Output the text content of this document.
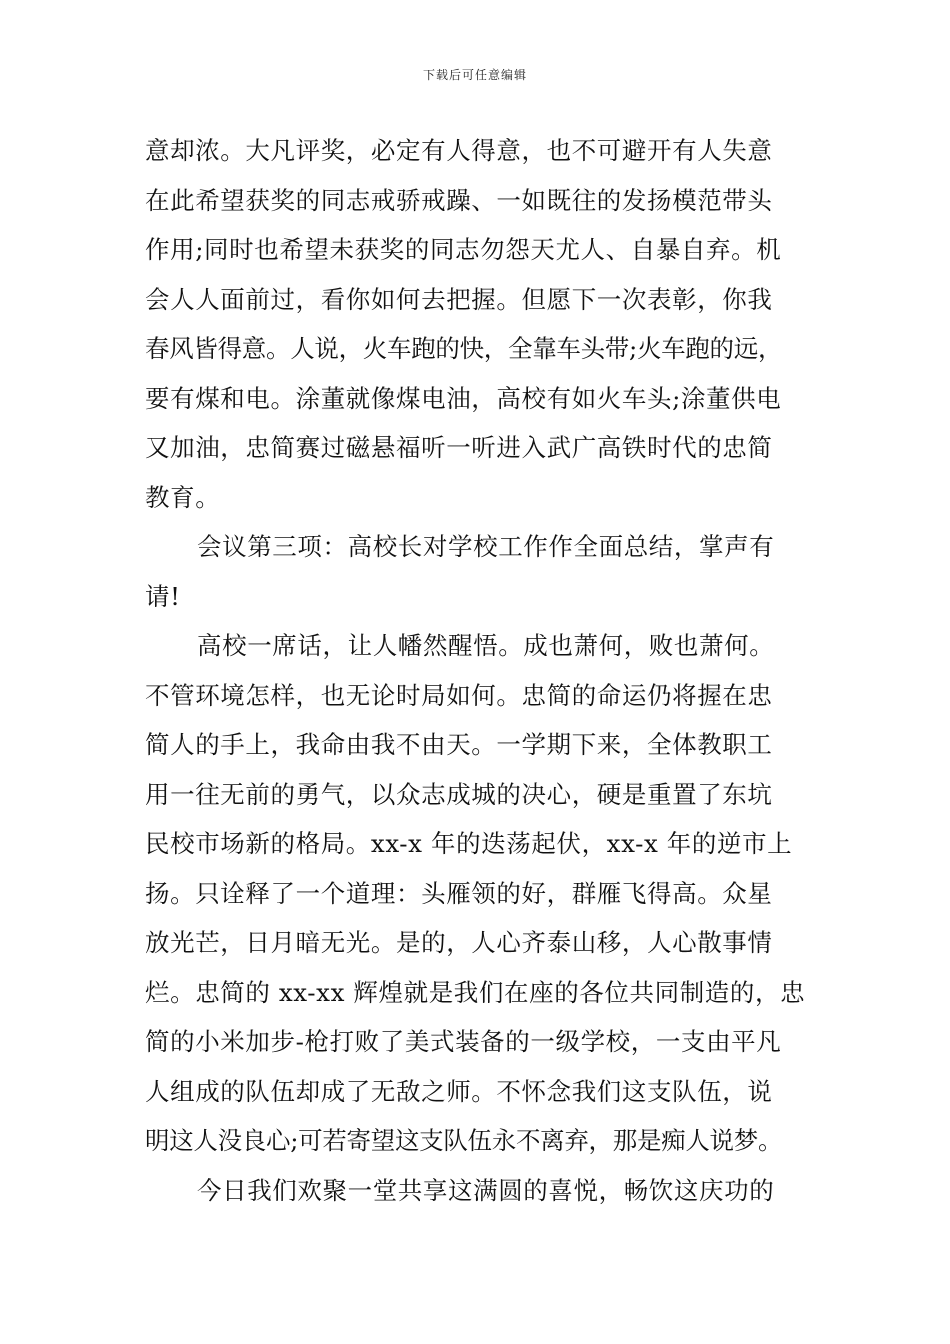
下载后可任意编辑
意却浓。大凡评奖，必定有人得意，也不可避开有人失意
在此希望获奖的同志戒骄戒躁、一如既往的发扬模范带头
作用;同时也希望未获奖的同志勿怨天尤人、自暴自弃。机
会人人面前过，看你如何去把握。但愿下一次表彰，你我
春风皆得意。人说，火车跑的快，全靠车头带;火车跑的远，
要有煤和电。涂董就像煤电油，高校有如火车头;涂董供电
又加油，忠简赛过磁悬福听一听进入武广高铁时代的忠简
教育。
会议第三项：高校长对学校工作作全面总结，掌声有
请!
高校一席话，让人幡然醒悟。成也萧何，败也萧何。
不管环境怎样，也无论时局如何。忠简的命运仍将握在忠
简人的手上，我命由我不由天。一学期下来，全体教职工
用一往无前的勇气，以众志成城的决心，硬是重置了东坑
民校市场新的格局。xx-x 年的迭荡起伏，xx-x 年的逆市上
扬。只诠释了一个道理：头雁领的好，群雁飞得高。众星
放光芒，日月暗无光。是的，人心齐泰山移，人心散事情
烂。忠简的 xx-xx 辉煌就是我们在座的各位共同制造的，忠
简的小米加步-枪打败了美式装备的一级学校，一支由平凡
人组成的队伍却成了无敌之师。不怀念我们这支队伍，说
明这人没良心;可若寄望这支队伍永不离弃，那是痴人说梦。
今日我们欢聚一堂共享这满圆的喜悦，畅饮这庆功的
